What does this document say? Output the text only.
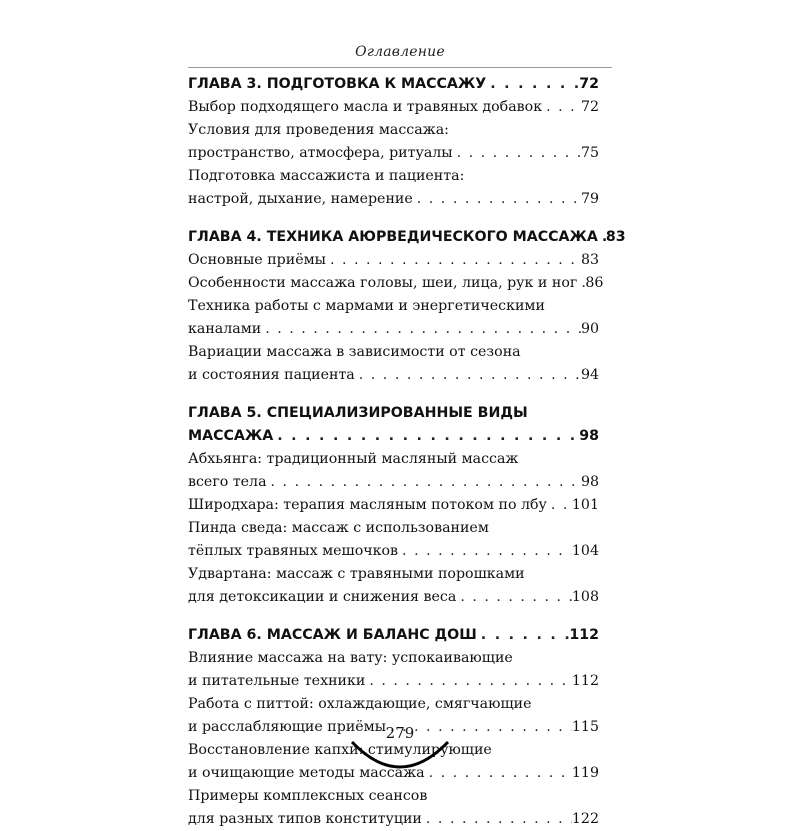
Оглавление
ГЛАВА 3. ПОДГОТОВКА К МАССАЖУ . . .	72
Выбор подходящего масла и травяных добавок . . .	72
Условия для проведения массажа:
пространство, атмосфера, ритуалы . . .	75
Подготовка массажиста и пациента:
настрой, дыхание, намерение . . .	79
ГЛАВА 4. ТЕХНИКА АЮРВЕДИЧЕСКОГО МАССАЖА . . . 83
Основные приёмы . . .	83
Особенности массажа головы, шеи, лица, рук и ног . . . 86
Техника работы с мармами и энергетическими
каналами . . .	90
Вариации массажа в зависимости от сезона
и состояния пациента . . .	94
ГЛАВА 5. СПЕЦИАЛИЗИРОВАННЫЕ ВИДЫ
МАССАЖА . . .	98
Абхьянга: традиционный масляный массаж
всего тела . . .	98
Широдхара: терапия масляным потоком по лбу . . . 101
Пинда сведа: массаж с использованием
тёплых травяных мешочков . . .	104
Удвартана: массаж с травяными порошками
для детоксикации и снижения веса . . .	108
ГЛАВА 6. МАССАЖ И БАЛАНС ДОШ . . .	112
Влияние массажа на вату: успокаивающие
и питательные техники . . .	112
Работа с питтой: охлаждающие, смягчающие
и расслабляющие приёмы . . .	115
Восстановление капхи: стимулирующие
и очищающие методы массажа . . .	119
Примеры комплексных сеансов
для разных типов конституции . . .	122
279
